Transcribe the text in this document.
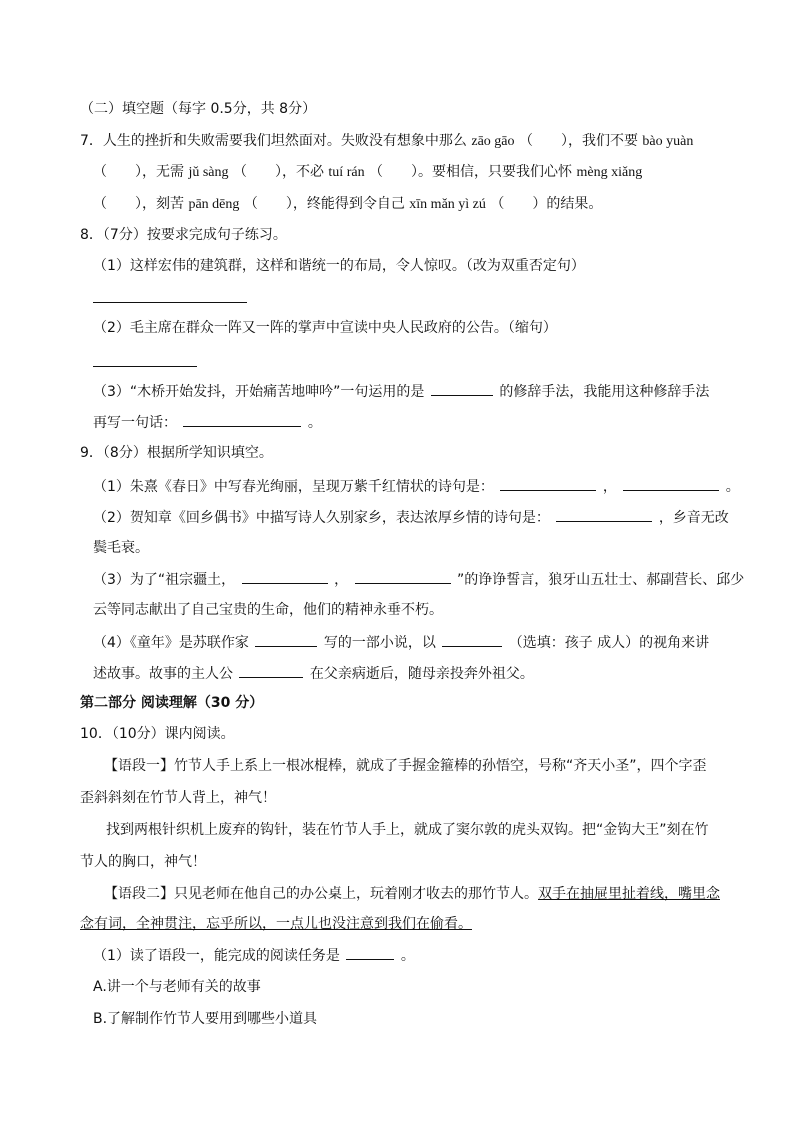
（二）填空题（每字 0.5分，共 8分）
7．人生的挫折和失败需要我们坦然面对。失败没有想象中那么 zāo gāo （　　），我们不要 bào yuàn
（　　），无需 jǔ sàng （　　），不必 tuí rán （　　）。要相信，只要我们心怀 mèng xiǎng
（　　），刻苦 pān dēng （　　），终能得到令自己 xīn mǎn yì zú （　　）的结果。
8．（7分）按要求完成句子练习。
（1）这样宏伟的建筑群，这样和谐统一的布局，令人惊叹。（改为双重否定句）
（2）毛主席在群众一阵又一阵的掌声中宣读中央人民政府的公告。（缩句）
（3）“木桥开始发抖，开始痛苦地呻吟”一句运用的是	的修辞手法，我能用这种修辞手法
再写一句话：	。
9．（8分）根据所学知识填空。
（1）朱熹《春日》中写春光绚丽，呈现万紫千红情状的诗句是：	，	。
（2）贺知章《回乡偶书》中描写诗人久别家乡，表达浓厚乡情的诗句是：	，乡音无改
鬓毛衰。
（3）为了“祖宗疆土，	，	”的诤诤誓言，狼牙山五壮士、郝副营长、邱少
云等同志献出了自己宝贵的生命，他们的精神永垂不朽。
（4）《童年》是苏联作家	写的一部小说，以	（选填：孩子 成人）的视角来讲
述故事。故事的主人公	在父亲病逝后，随母亲投奔外祖父。
第二部分 阅读理解（30 分）
10．（10分）课内阅读。
【语段一】竹节人手上系上一根冰棍棒，就成了手握金箍棒的孙悟空，号称“齐天小圣”，四个字歪
歪斜斜刻在竹节人背上，神气！
找到两根针织机上废弃的钩针，装在竹节人手上，就成了窦尔敦的虎头双钩。把“金钩大王”刻在竹
节人的胸口，神气！
【语段二】只见老师在他自己的办公桌上，玩着刚才收去的那竹节人。双手在抽屉里扯着线，嘴里念
念有词，全神贯注，忘乎所以，一点儿也没注意到我们在偷看。
（1）读了语段一，能完成的阅读任务是	。
A.讲一个与老师有关的故事
B.了解制作竹节人要用到哪些小道具
